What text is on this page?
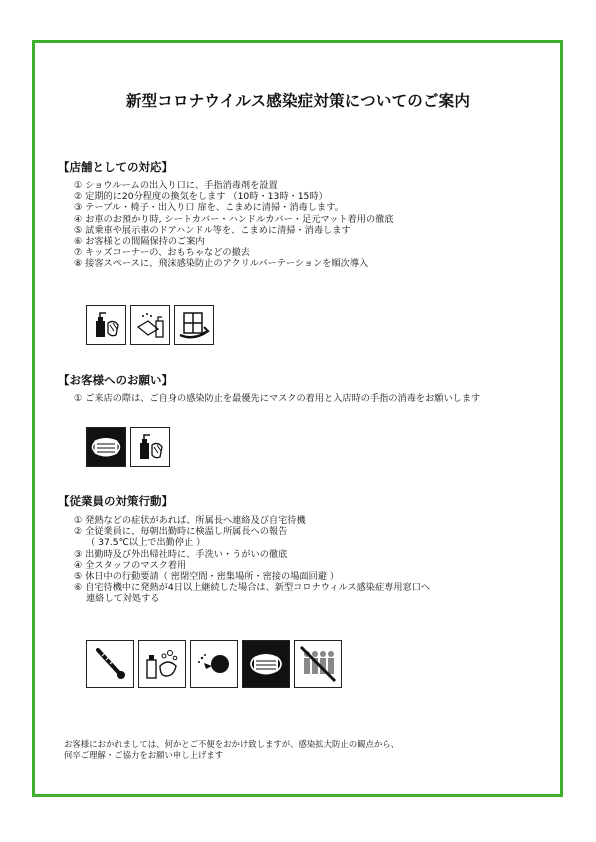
新型コロナウイルス感染症対策についてのご案内
【店舗としての対応】
① ショウルームの出入り口に、手指消毒剤を設置
② 定期的に20分程度の換気をします （10時・13時・15時）
③ テーブル・椅子・出入り口 扉を、こまめに清掃・消毒します。
④ お車のお預かり時, シートカバー・ハンドルカバー・足元マット着用の徹底
⑤ 試乗車や展示車のドアハンドル等を、こまめに清掃・消毒します
⑥ お客様との間隔保持のご案内
⑦ キッズコーナーの、おもちゃなどの撤去
⑧ 接客スペースに、飛沫感染防止のアクリルパーテーションを順次導入
【お客様へのお願い】
① ご来店の際は、ご自身の感染防止を最優先にマスクの着用と入店時の手指の消毒をお願いします
【従業員の対策行動】
① 発熱などの症状があれば、所属長へ連絡及び自宅待機
② 全従業員に、毎朝出勤時に検温し所属長への報告
（ 37.5℃以上で出勤停止 ）
③ 出勤時及び外出帰社時に、手洗い・うがいの徹底
④ 全スタッフのマスク着用
⑤ 休日中の行動要請（ 密閉空間・密集場所・密接の場面回避 ）
⑥ 自宅待機中に発熱が4日以上継続した場合は、新型コロナウィルス感染症専用窓口へ
連絡して対処する
お客様におかれましては、何かとご不便をおかけ致しますが、感染拡大防止の観点から、
何卒ご理解・ご協力をお願い申し上げます
